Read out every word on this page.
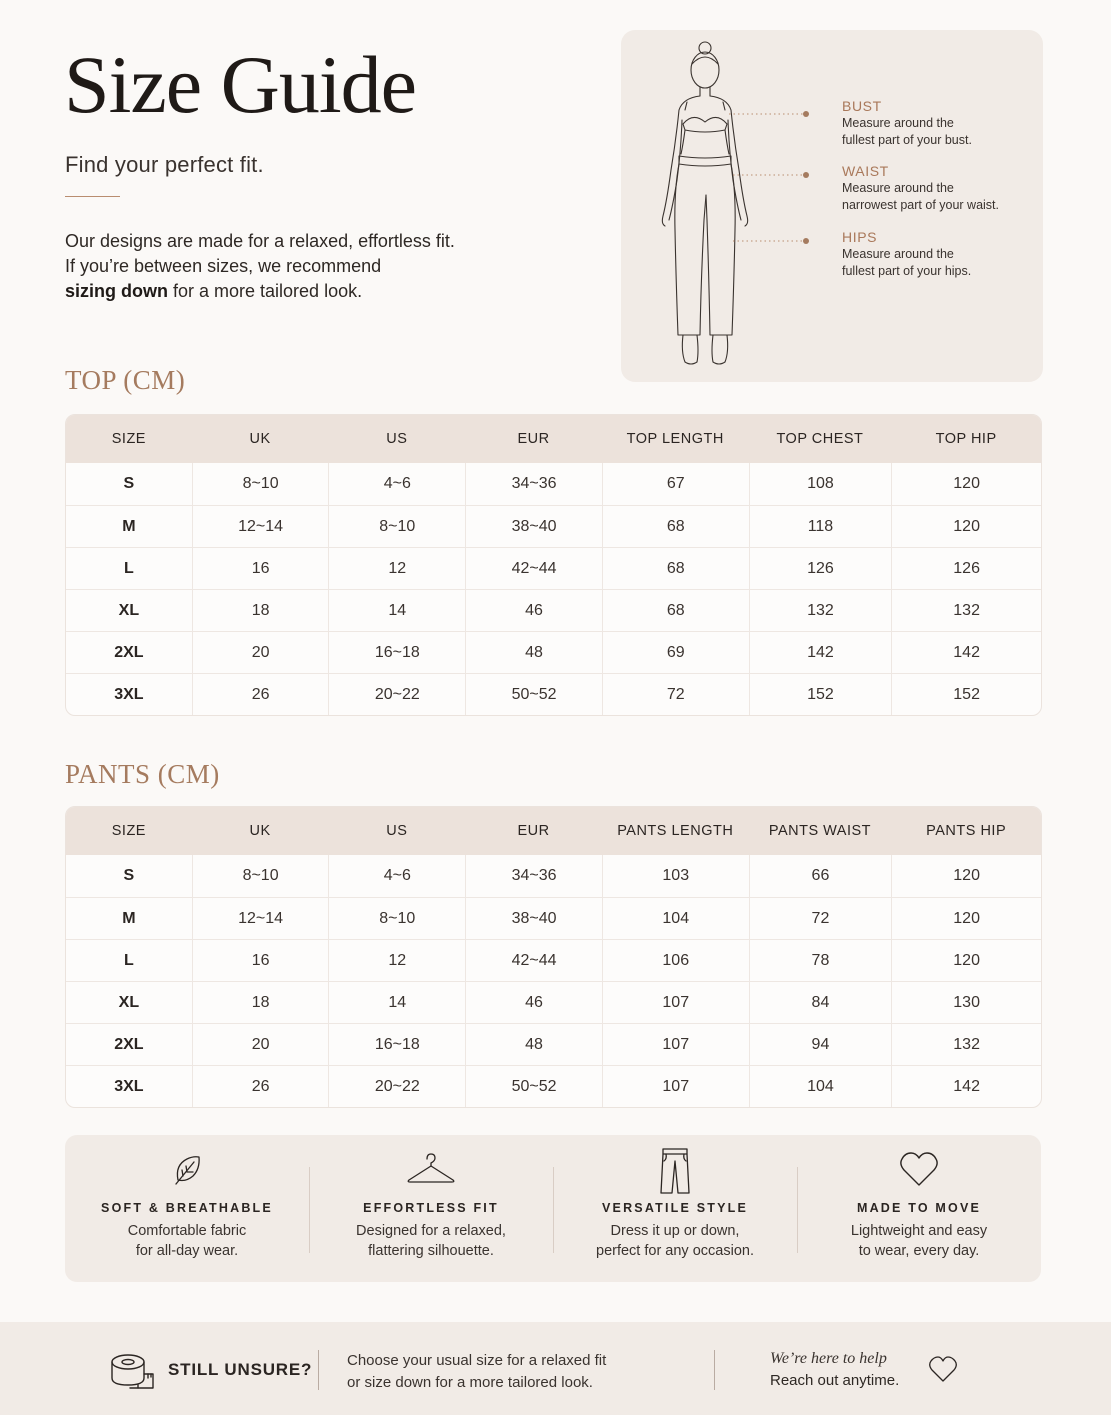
Size Guide
Find your perfect fit.
Our designs are made for a relaxed, effortless fit.
If you’re between sizes, we recommend
sizing down for a more tailored look.
BUST
Measure around the
fullest part of your bust.
WAIST
Measure around the
narrowest part of your waist.
HIPS
Measure around the
fullest part of your hips.
TOP (CM)
SIZE	UK	US	EUR	TOP LENGTH	TOP CHEST	TOP HIP
S	8~10	4~6	34~36	67	108	120
M	12~14	8~10	38~40	68	118	120
L	16	12	42~44	68	126	126
XL	18	14	46	68	132	132
2XL	20	16~18	48	69	142	142
3XL	26	20~22	50~52	72	152	152
PANTS (CM)
SIZE	UK	US	EUR	PANTS LENGTH	PANTS WAIST	PANTS HIP
S	8~10	4~6	34~36	103	66	120
M	12~14	8~10	38~40	104	72	120
L	16	12	42~44	106	78	120
XL	18	14	46	107	84	130
2XL	20	16~18	48	107	94	132
3XL	26	20~22	50~52	107	104	142
SOFT & BREATHABLE
Comfortable fabric
for all-day wear.
EFFORTLESS FIT
Designed for a relaxed,
flattering silhouette.
VERSATILE STYLE
Dress it up or down,
perfect for any occasion.
MADE TO MOVE
Lightweight and easy
to wear, every day.
STILL UNSURE? Choose your usual size for a relaxed fit
or size down for a more tailored look.
We’re here to help
Reach out anytime.
